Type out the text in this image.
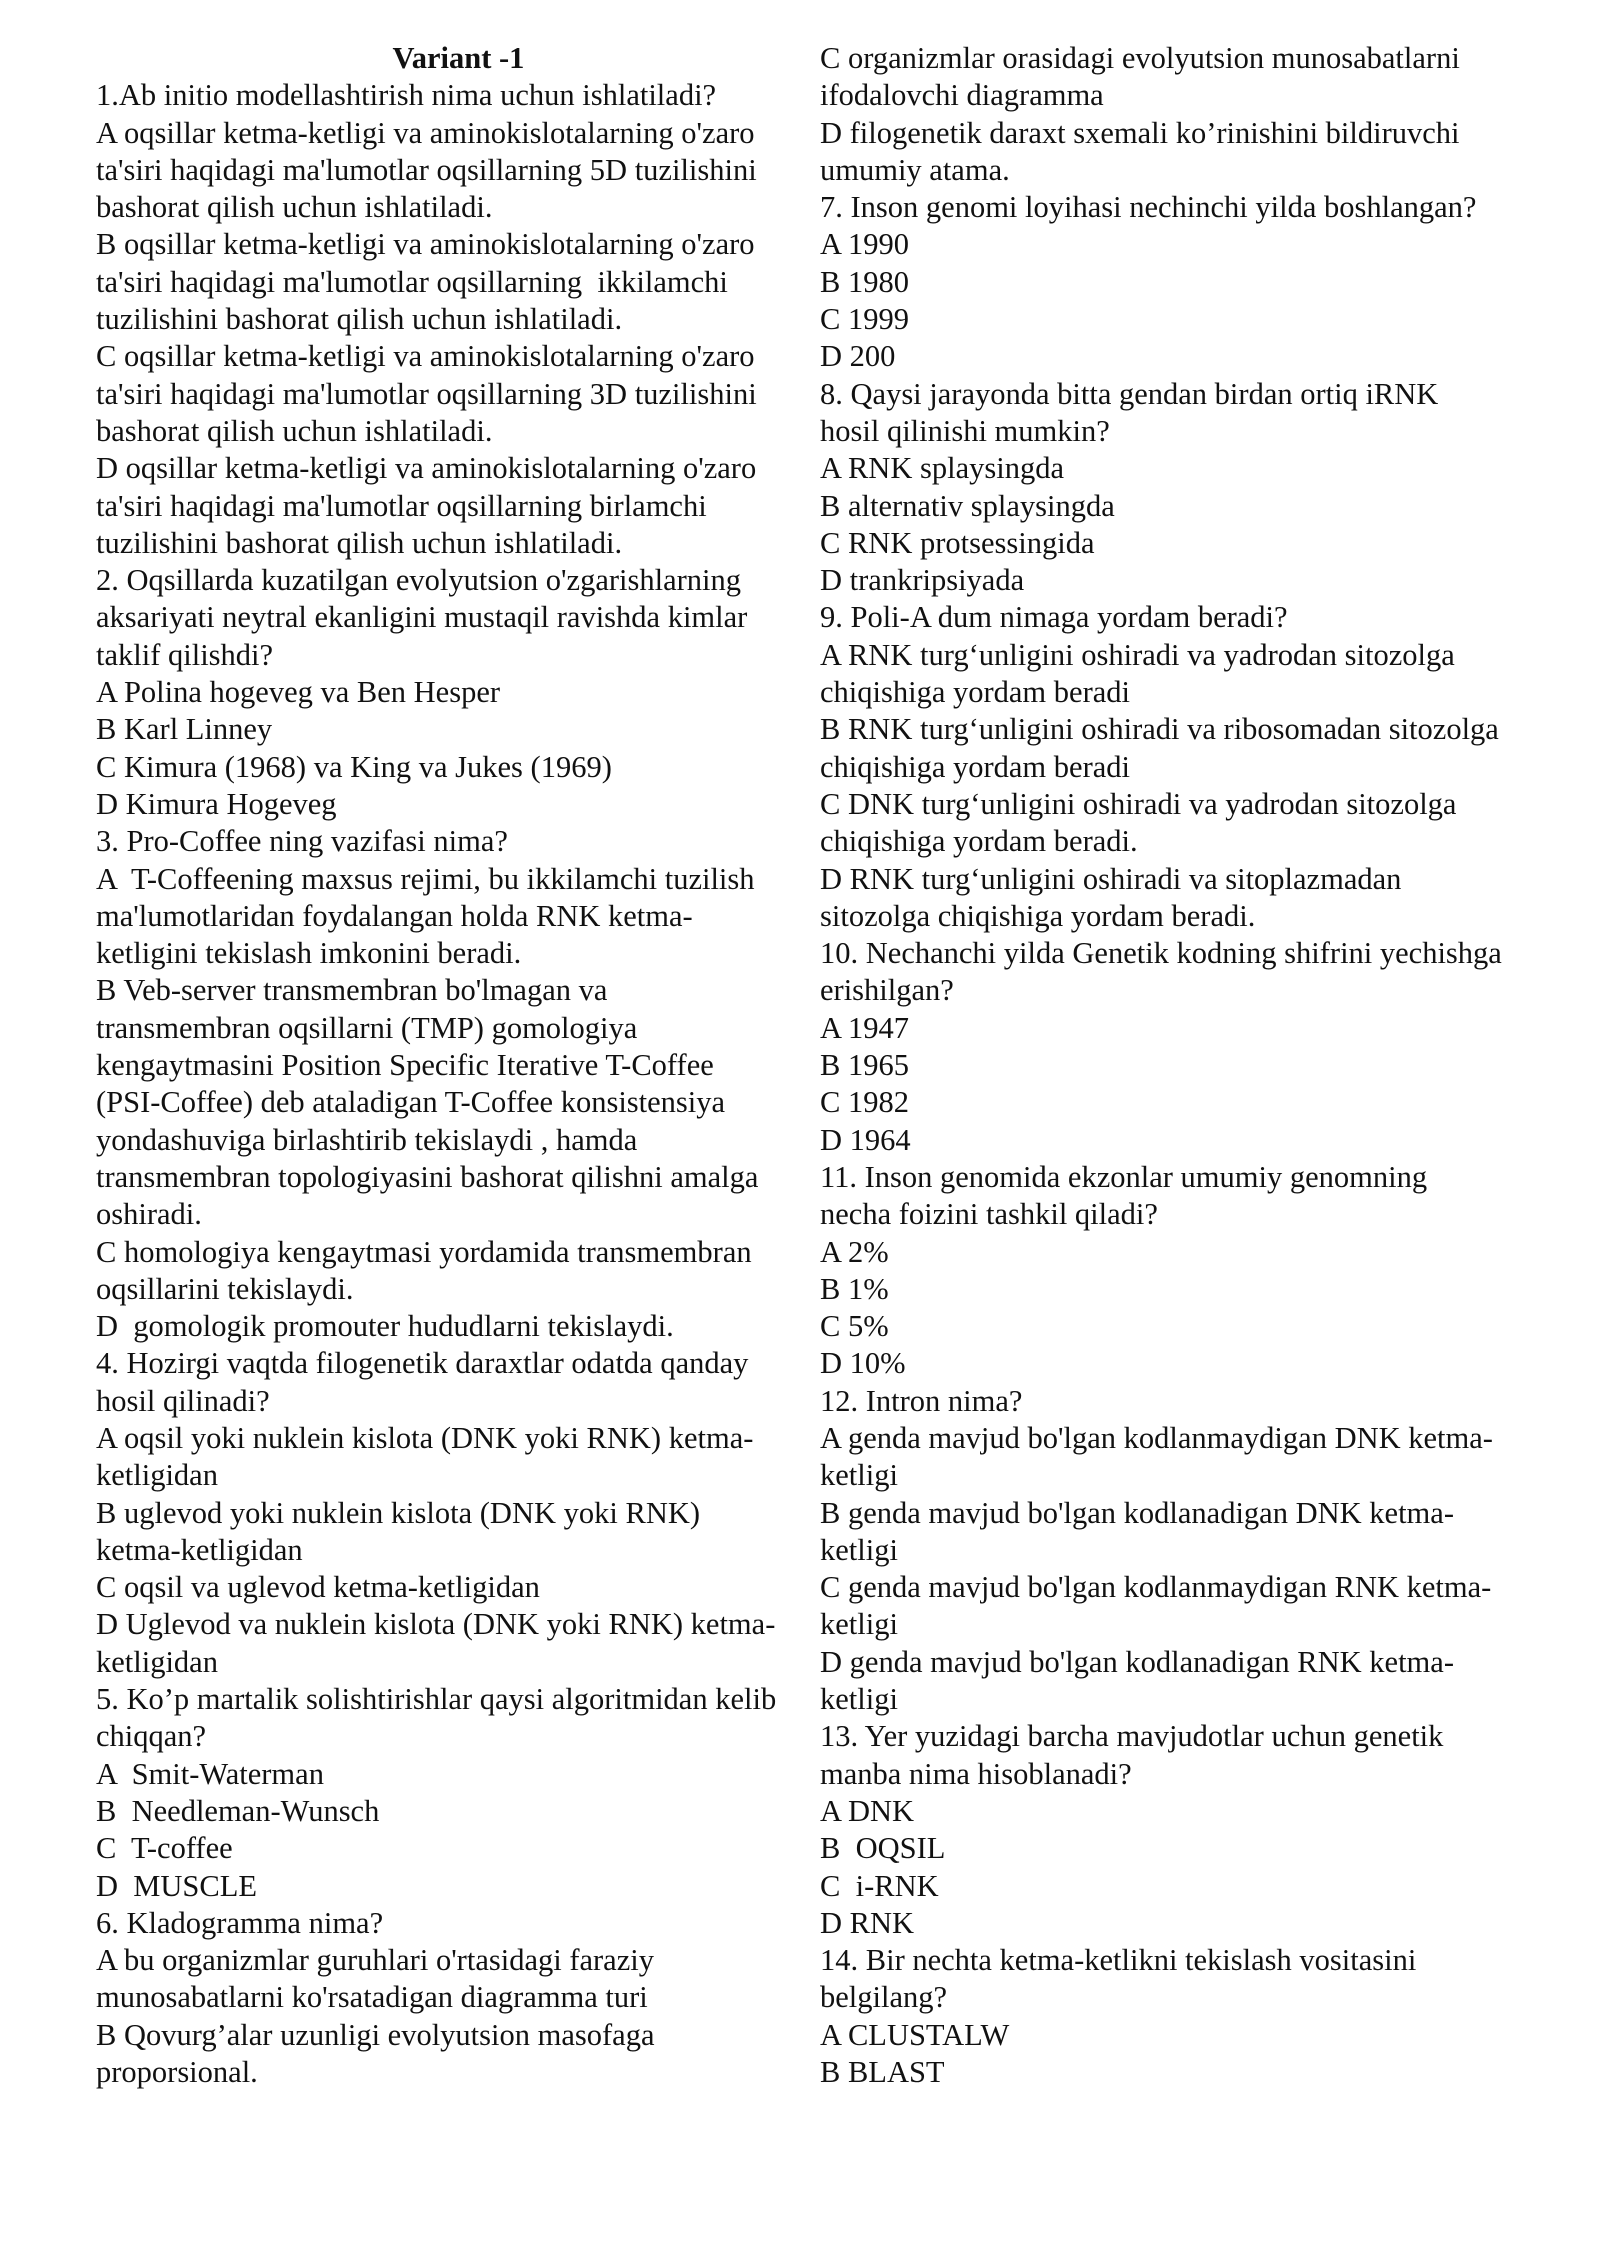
Variant -1
1.Ab initio modellashtirish nima uchun ishlatiladi?
A oqsillar ketma-ketligi va aminokislotalarning o'zaro
ta'siri haqidagi ma'lumotlar oqsillarning 5D tuzilishini
bashorat qilish uchun ishlatiladi.
B oqsillar ketma-ketligi va aminokislotalarning o'zaro
ta'siri haqidagi ma'lumotlar oqsillarning  ikkilamchi
tuzilishini bashorat qilish uchun ishlatiladi.
C oqsillar ketma-ketligi va aminokislotalarning o'zaro
ta'siri haqidagi ma'lumotlar oqsillarning 3D tuzilishini
bashorat qilish uchun ishlatiladi.
D oqsillar ketma-ketligi va aminokislotalarning o'zaro
ta'siri haqidagi ma'lumotlar oqsillarning birlamchi
tuzilishini bashorat qilish uchun ishlatiladi.
2. Oqsillarda kuzatilgan evolyutsion o'zgarishlarning
aksariyati neytral ekanligini mustaqil ravishda kimlar
taklif qilishdi?
A Polina hogeveg va Ben Hesper
B Karl Linney
C Kimura (1968) va King va Jukes (1969)
D Kimura Hogeveg
3. Pro-Coffee ning vazifasi nima?
A  T-Coffeening maxsus rejimi, bu ikkilamchi tuzilish
ma'lumotlaridan foydalangan holda RNK ketma-
ketligini tekislash imkonini beradi.
B Veb-server transmembran bo'lmagan va
transmembran oqsillarni (TMP) gomologiya
kengaytmasini Position Specific Iterative T-Coffee
(PSI-Coffee) deb ataladigan T-Coffee konsistensiya
yondashuviga birlashtirib tekislaydi , hamda
transmembran topologiyasini bashorat qilishni amalga
oshiradi.
C homologiya kengaytmasi yordamida transmembran
oqsillarini tekislaydi.
D  gomologik promouter hududlarni tekislaydi.
4. Hozirgi vaqtda filogenetik daraxtlar odatda qanday
hosil qilinadi?
A oqsil yoki nuklein kislota (DNK yoki RNK) ketma-
ketligidan
B uglevod yoki nuklein kislota (DNK yoki RNK)
ketma-ketligidan
C oqsil va uglevod ketma-ketligidan
D Uglevod va nuklein kislota (DNK yoki RNK) ketma-
ketligidan
5. Ko’p martalik solishtirishlar qaysi algoritmidan kelib
chiqqan?
A  Smit-Waterman
B  Needleman-Wunsch
C  T-coffee
D  MUSCLE
6. Kladogramma nima?
A bu organizmlar guruhlari o'rtasidagi faraziy
munosabatlarni ko'rsatadigan diagramma turi
B Qovurg’alar uzunligi evolyutsion masofaga
proporsional.
C organizmlar orasidagi evolyutsion munosabatlarni
ifodalovchi diagramma
D filogenetik daraxt sxemali ko’rinishini bildiruvchi
umumiy atama.
7. Inson genomi loyihasi nechinchi yilda boshlangan?
A 1990
B 1980
C 1999
D 200
8. Qaysi jarayonda bitta gendan birdan ortiq iRNK
hosil qilinishi mumkin?
A RNK splaysingda
B alternativ splaysingda
C RNK protsessingida
D trankripsiyada
9. Poli-A dum nimaga yordam beradi?
A RNK turg‘unligini oshiradi va yadrodan sitozolga
chiqishiga yordam beradi
B RNK turg‘unligini oshiradi va ribosomadan sitozolga
chiqishiga yordam beradi
C DNK turg‘unligini oshiradi va yadrodan sitozolga
chiqishiga yordam beradi.
D RNK turg‘unligini oshiradi va sitoplazmadan
sitozolga chiqishiga yordam beradi.
10. Nechanchi yilda Genetik kodning shifrini yechishga
erishilgan?
A 1947
B 1965
C 1982
D 1964
11. Inson genomida ekzonlar umumiy genomning
necha foizini tashkil qiladi?
A 2%
B 1%
C 5%
D 10%
12. Intron nima?
A genda mavjud bo'lgan kodlanmaydigan DNK ketma-
ketligi
B genda mavjud bo'lgan kodlanadigan DNK ketma-
ketligi
C genda mavjud bo'lgan kodlanmaydigan RNK ketma-
ketligi
D genda mavjud bo'lgan kodlanadigan RNK ketma-
ketligi
13. Yer yuzidagi barcha mavjudotlar uchun genetik
manba nima hisoblanadi?
A DNK
B  OQSIL
C  i-RNK
D RNK
14. Bir nechta ketma-ketlikni tekislash vositasini
belgilang?
A CLUSTALW
B BLAST
